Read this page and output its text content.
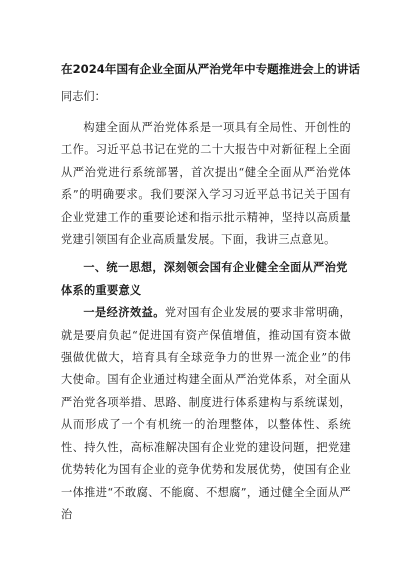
在2024年国有企业全面从严治党年中专题推进会上的讲话

同志们：

构建全面从严治党体系是一项具有全局性、开创性的工作。习近平总书记在党的二十大报告中对新征程上全面从严治党进行系统部署，首次提出“健全全面从严治党体系”的明确要求。我们要深入学习习近平总书记关于国有企业党建工作的重要论述和指示批示精神，坚持以高质量党建引领国有企业高质量发展。下面，我讲三点意见。

一、统一思想，深刻领会国有企业健全全面从严治党体系的重要意义

一是经济效益。党对国有企业发展的要求非常明确，就是要肩负起“促进国有资产保值增值，推动国有资本做强做优做大，培育具有全球竞争力的世界一流企业”的伟大使命。国有企业通过构建全面从严治党体系，对全面从严治党各项举措、思路、制度进行体系建构与系统谋划，从而形成了一个有机统一的治理整体，以整体性、系统性、持久性，高标准解决国有企业党的建设问题，把党建优势转化为国有企业的竞争优势和发展优势，使国有企业一体推进“不敢腐、不能腐、不想腐”，通过健全全面从严治
